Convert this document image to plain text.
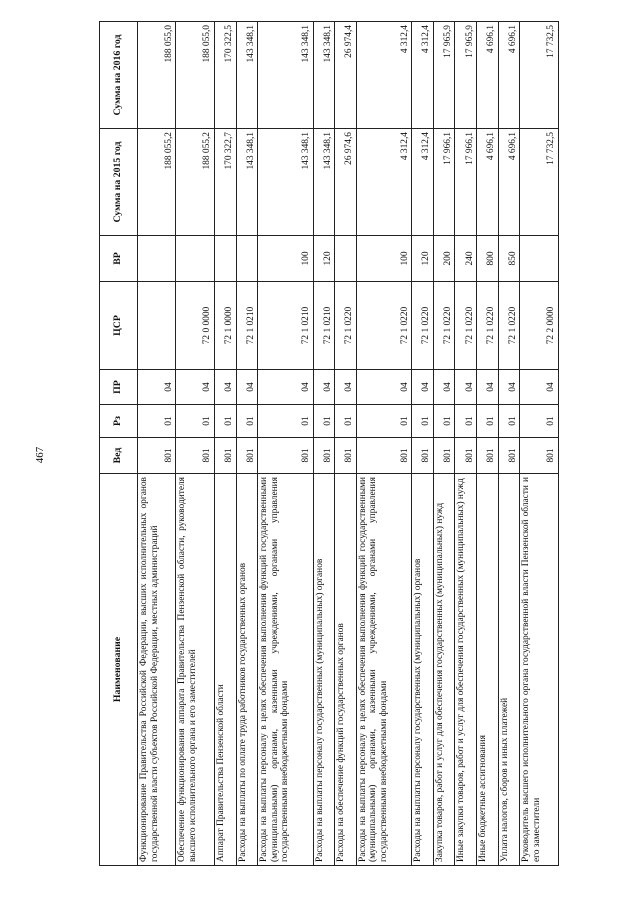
467
Наименование	Вед	Рз	ПР	ЦСР	ВР	Сумма на 2015 год	Сумма на 2016 год
Функционирование Правительства Российской Федерации, высших исполнительных органов государственной власти субъектов Российской Федерации, местных администраций	801	01	04			188 055,2	188 055,0
Обеспечение функционирования аппарата Правительства Пензенской области, руководителя высшего исполнительного органа и его заместителей	801	01	04	72 0 0000		188 055,2	188 055,0
Аппарат Правительства Пензенской области	801	01	04	72 1 0000		170 322,7	170 322,5
Расходы на выплаты по оплате труда работников государственных органов	801	01	04	72 1 0210		143 348,1	143 348,1
Расходы на выплаты персоналу в целях обеспечения выполнения функций государственными (муниципальными) органами, казенными учреждениями, органами управления государственными внебюджетными фондами	801	01	04	72 1 0210	100	143 348,1	143 348,1
Расходы на выплаты персоналу государственных (муниципальных) органов	801	01	04	72 1 0210	120	143 348,1	143 348,1
Расходы на обеспечение функций государственных органов	801	01	04	72 1 0220		26 974,6	26 974,4
Расходы на выплаты персоналу в целях обеспечения выполнения функций государственными (муниципальными) органами, казенными учреждениями, органами управления государственными внебюджетными фондами	801	01	04	72 1 0220	100	4 312,4	4 312,4
Расходы на выплаты персоналу государственных (муниципальных) органов	801	01	04	72 1 0220	120	4 312,4	4 312,4
Закупка товаров, работ и услуг для обеспечения государственных (муниципальных) нужд	801	01	04	72 1 0220	200	17 966,1	17 965,9
Иные закупки товаров, работ и услуг для обеспечения государственных (муниципальных) нужд	801	01	04	72 1 0220	240	17 966,1	17 965,9
Иные бюджетные ассигнования	801	01	04	72 1 0220	800	4 696,1	4 696,1
Уплата налогов, сборов и иных платежей	801	01	04	72 1 0220	850	4 696,1	4 696,1
Руководитель высшего исполнительного органа государственной власти Пензенской области и его заместители	801	01	04	72 2 0000		17 732,5	17 732,5
